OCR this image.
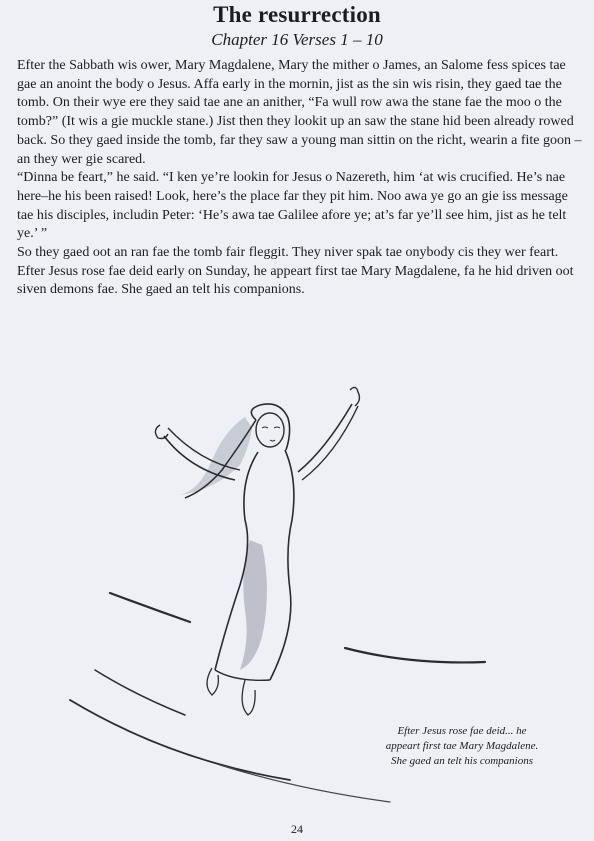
The resurrection
Chapter 16 Verses 1 – 10

Efter the Sabbath wis ower, Mary Magdalene, Mary the mither o James, an Salome fess spices tae gae an anoint the body o Jesus. Affa early in the mornin, jist as the sin wis risin, they gaed tae the tomb. On their wye ere they said tae ane an anither, “Fa wull row awa the stane fae the moo o the tomb?” (It wis a gie muckle stane.) Jist then they lookit up an saw the stane hid been already rowed back. So they gaed inside the tomb, far they saw a young man sittin on the richt, wearin a fite goon – an they wer gie scared.

“Dinna be feart,” he said. “I ken ye’re lookin for Jesus o Nazereth, him ‘at wis crucified. He’s nae here–he his been raised! Look, here’s the place far they pit him. Noo awa ye go an gie iss message tae his disciples, includin Peter: ‘He’s awa tae Galilee afore ye; at’s far ye’ll see him, jist as he telt ye.’ ”

So they gaed oot an ran fae the tomb fair fleggit. They niver spak tae onybody cis they wer feart.

Efter Jesus rose fae deid early on Sunday, he appeart first tae Mary Magdalene, fa he hid driven oot siven demons fae. She gaed an telt his companions.

Efter Jesus rose fae deid... he
appeart first tae Mary Magdalene.
She gaed an telt his companions
24
